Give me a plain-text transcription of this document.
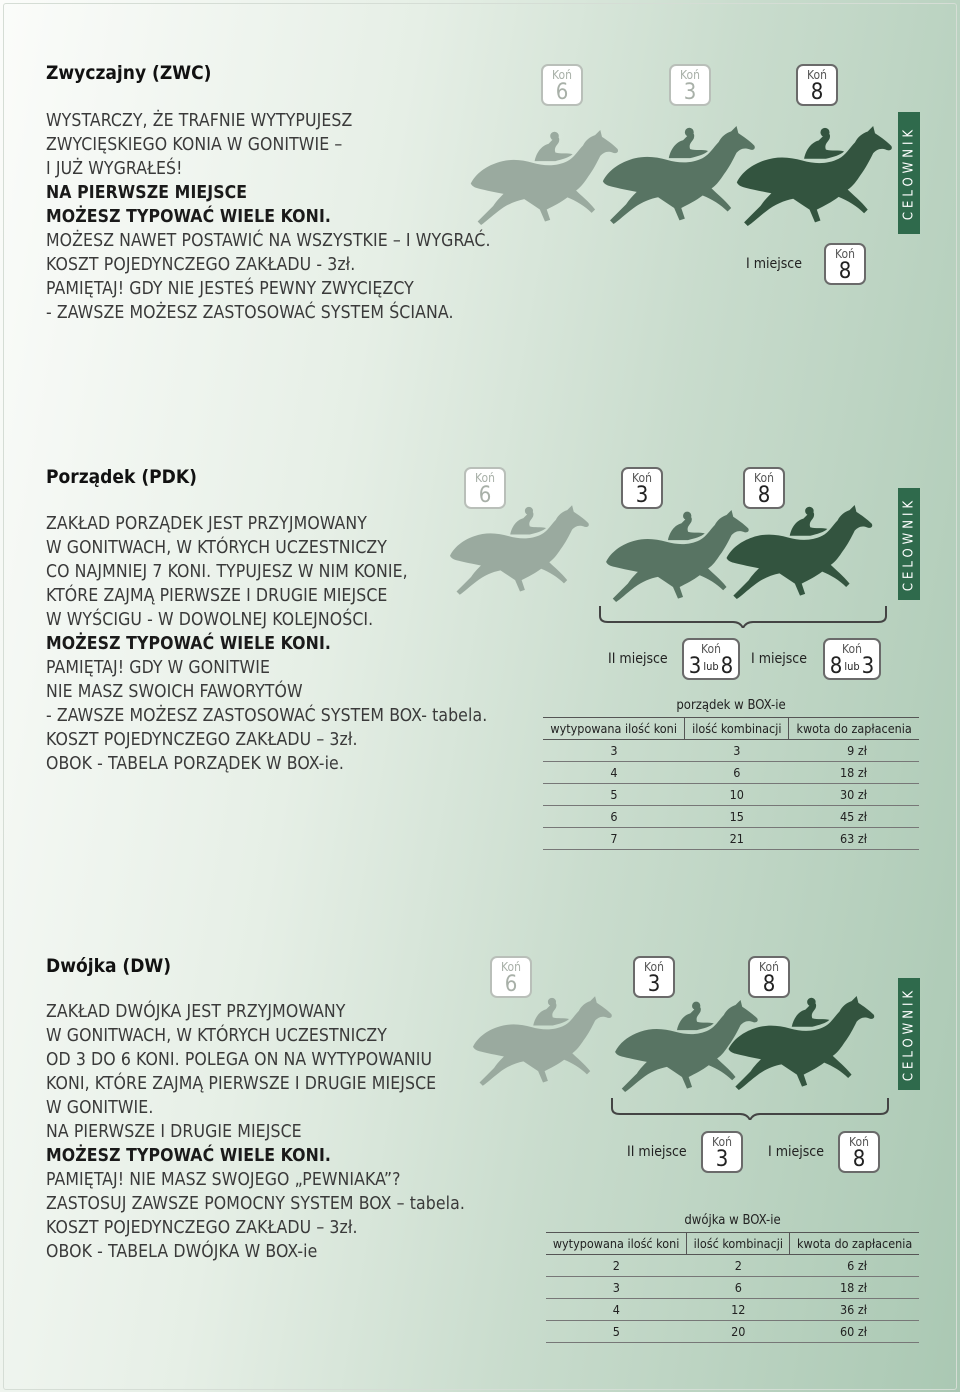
Zwyczajny (ZWC)
WYSTARCZY, ŻE TRAFNIE WYTYPUJESZ
ZWYCIĘSKIEGO KONIA W GONITWIE –
I JUŻ WYGRAŁEŚ!
NA PIERWSZE MIEJSCE
MOŻESZ TYPOWAĆ WIELE KONI.
MOŻESZ NAWET POSTAWIĆ NA WSZYSTKIE – I WYGRAĆ.
KOSZT POJEDYNCZEGO ZAKŁADU - 3zł.
PAMIĘTAJ! GDY NIE JESTEŚ PEWNY ZWYCIĘZCY
- ZAWSZE MOŻESZ ZASTOSOWAĆ SYSTEM ŚCIANA.
Koń
6
Koń
3
Koń
8
I miejsce
Koń
8
CELOWNIK
Porządek (PDK)
ZAKŁAD PORZĄDEK JEST PRZYJMOWANY
W GONITWACH, W KTÓRYCH UCZESTNICZY
CO NAJMNIEJ 7 KONI. TYPUJESZ W NIM KONIE,
KTÓRE ZAJMĄ PIERWSZE I DRUGIE MIEJSCE
W WYŚCIGU - W DOWOLNEJ KOLEJNOŚCI.
MOŻESZ TYPOWAĆ WIELE KONI.
PAMIĘTAJ! GDY W GONITWIE
NIE MASZ SWOICH FAWORYTÓW
- ZAWSZE MOŻESZ ZASTOSOWAĆ SYSTEM BOX- tabela.
KOSZT POJEDYNCZEGO ZAKŁADU – 3zł.
OBOK - TABELA PORZĄDEK W BOX-ie.
Koń
6
Koń
3
Koń
8
II miejsce
Koń
3 lub8	I miejsce
Koń
8 lub3
porządek w BOX-ie
wytypowana ilość koni	ilość kombinacji	kwota do zapłacenia
3	3	9 zł
4	6	18 zł
5	10	30 zł
6	15	45 zł
7	21	63 zł
CELOWNIK
Dwójka (DW)
ZAKŁAD DWÓJKA JEST PRZYJMOWANY
W GONITWACH, W KTÓRYCH UCZESTNICZY
OD 3 DO 6 KONI. POLEGA ON NA WYTYPOWANIU
KONI, KTÓRE ZAJMĄ PIERWSZE I DRUGIE MIEJSCE
W GONITWIE.
NA PIERWSZE I DRUGIE MIEJSCE
MOŻESZ TYPOWAĆ WIELE KONI.
PAMIĘTAJ! NIE MASZ SWOJEGO „PEWNIAKA”?
ZASTOSUJ ZAWSZE POMOCNY SYSTEM BOX – tabela.
KOSZT POJEDYNCZEGO ZAKŁADU – 3zł.
OBOK - TABELA DWÓJKA W BOX-ie
Koń
6
Koń
3
Koń
8
II miejsce
Koń
3	I miejsce
Koń
8
dwójka w BOX-ie
wytypowana ilość koni	ilość kombinacji	kwota do zapłacenia
2	2	6 zł
3	6	18 zł
4	12	36 zł
5	20	60 zł
CELOWNIK
